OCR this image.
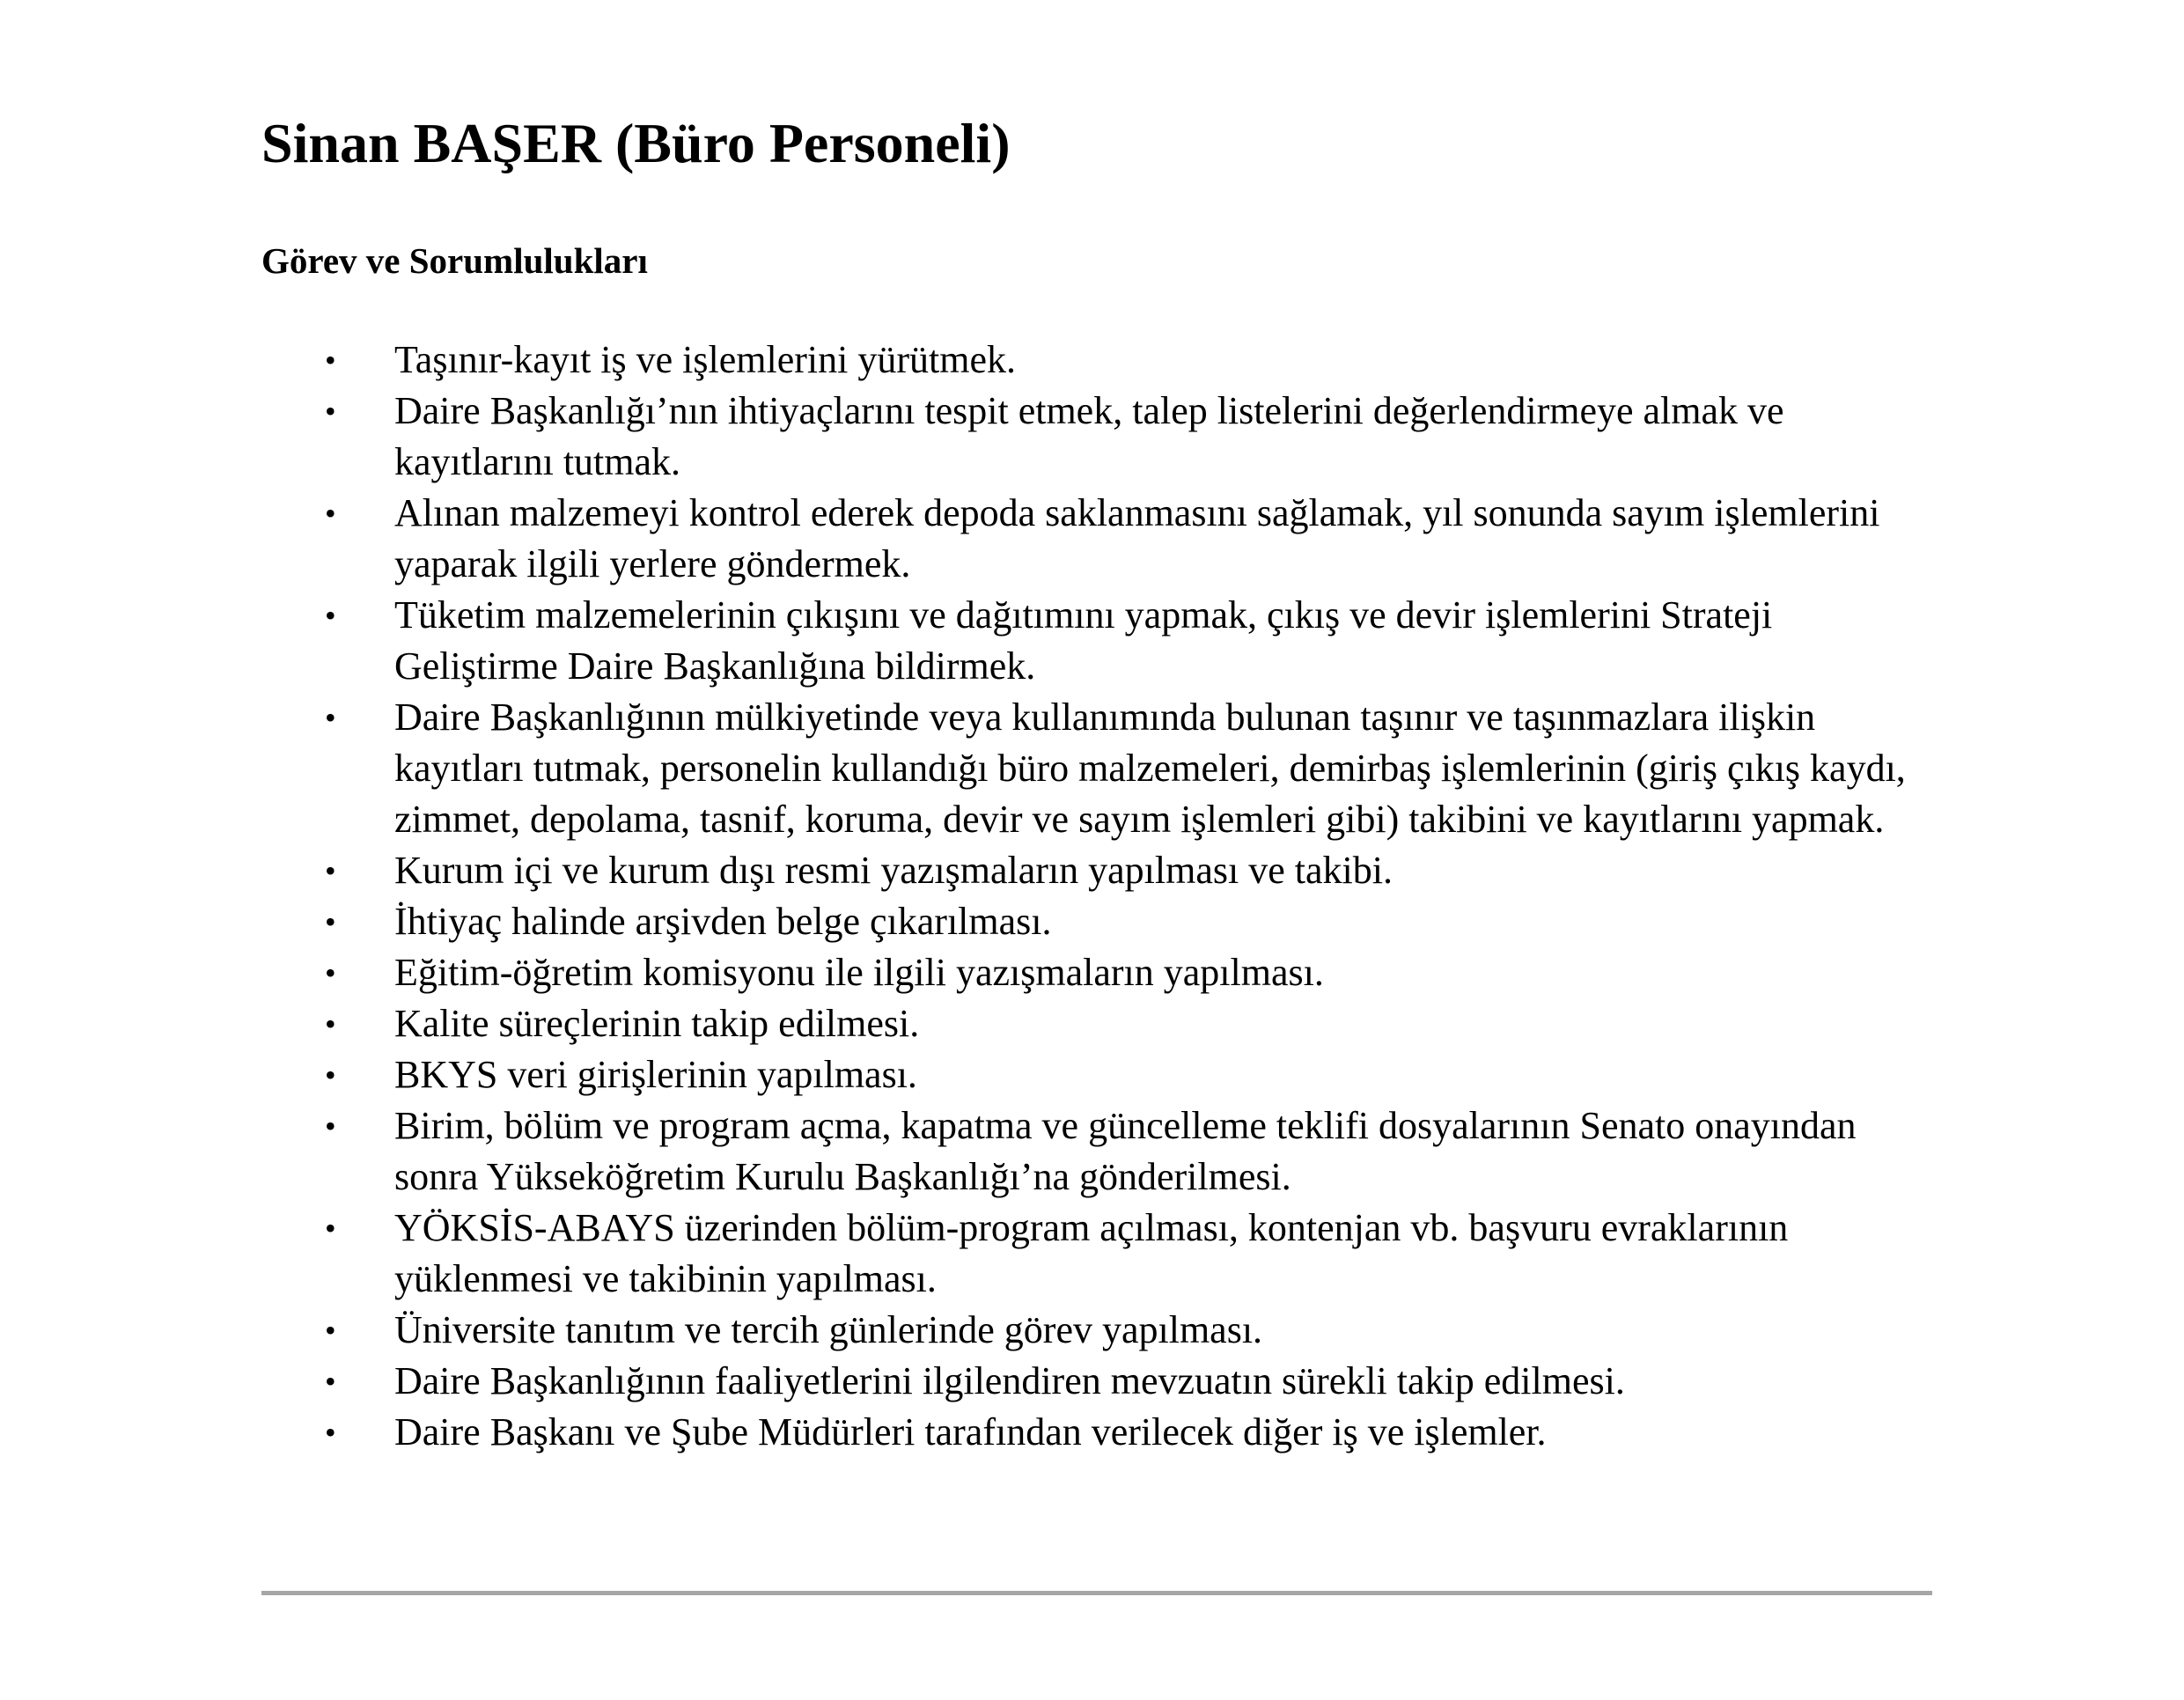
Sinan BAŞER (Büro Personeli)
Görev ve Sorumlulukları
• Taşınır-kayıt iş ve işlemlerini yürütmek.
• Daire Başkanlığı’nın ihtiyaçlarını tespit etmek, talep listelerini değerlendirmeye almak ve kayıtlarını tutmak.
• Alınan malzemeyi kontrol ederek depoda saklanmasını sağlamak, yıl sonunda sayım işlemlerini yaparak ilgili yerlere göndermek.
• Tüketim malzemelerinin çıkışını ve dağıtımını yapmak, çıkış ve devir işlemlerini Strateji Geliştirme Daire Başkanlığına bildirmek.
• Daire Başkanlığının mülkiyetinde veya kullanımında bulunan taşınır ve taşınmazlara ilişkin kayıtları tutmak, personelin kullandığı büro malzemeleri, demirbaş işlemlerinin (giriş çıkış kaydı, zimmet, depolama, tasnif, koruma, devir ve sayım işlemleri gibi) takibini ve kayıtlarını yapmak.
• Kurum içi ve kurum dışı resmi yazışmaların yapılması ve takibi.
• İhtiyaç halinde arşivden belge çıkarılması.
• Eğitim-öğretim komisyonu ile ilgili yazışmaların yapılması.
• Kalite süreçlerinin takip edilmesi.
• BKYS veri girişlerinin yapılması.
• Birim, bölüm ve program açma, kapatma ve güncelleme teklifi dosyalarının Senato onayından sonra Yükseköğretim Kurulu Başkanlığı’na gönderilmesi.
• YÖKSİS-ABAYS üzerinden bölüm-program açılması, kontenjan vb. başvuru evraklarının yüklenmesi ve takibinin yapılması.
• Üniversite tanıtım ve tercih günlerinde görev yapılması.
• Daire Başkanlığının faaliyetlerini ilgilendiren mevzuatın sürekli takip edilmesi.
• Daire Başkanı ve Şube Müdürleri tarafından verilecek diğer iş ve işlemler.
